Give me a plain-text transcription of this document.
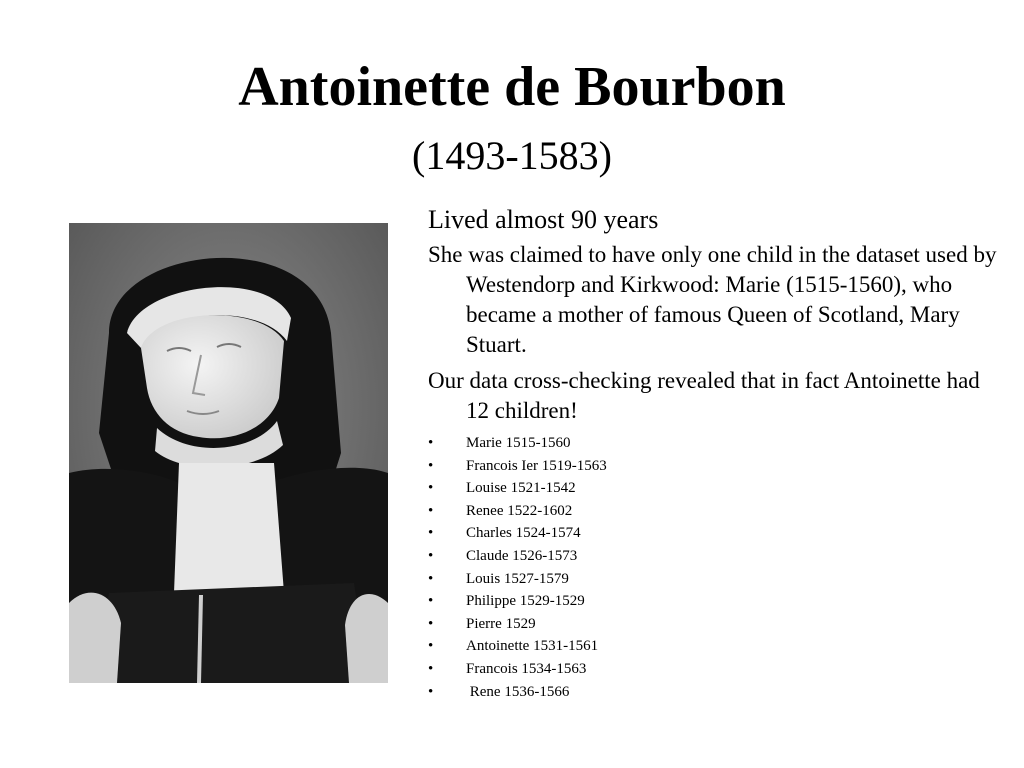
Antoinette de Bourbon
(1493-1583)

Lived almost 90 years

She was claimed to have only one child in the dataset used by Westendorp and Kirkwood: Marie (1515-1560), who became a mother of famous Queen of Scotland, Mary Stuart.

Our data cross-checking revealed that in fact Antoinette had 12 children!

• Marie 1515-1560
• Francois Ier 1519-1563
• Louise 1521-1542
• Renee 1522-1602
• Charles 1524-1574
• Claude 1526-1573
• Louis 1527-1579
• Philippe 1529-1529
• Pierre 1529
• Antoinette 1531-1561
• Francois 1534-1563
• Rene 1536-1566
